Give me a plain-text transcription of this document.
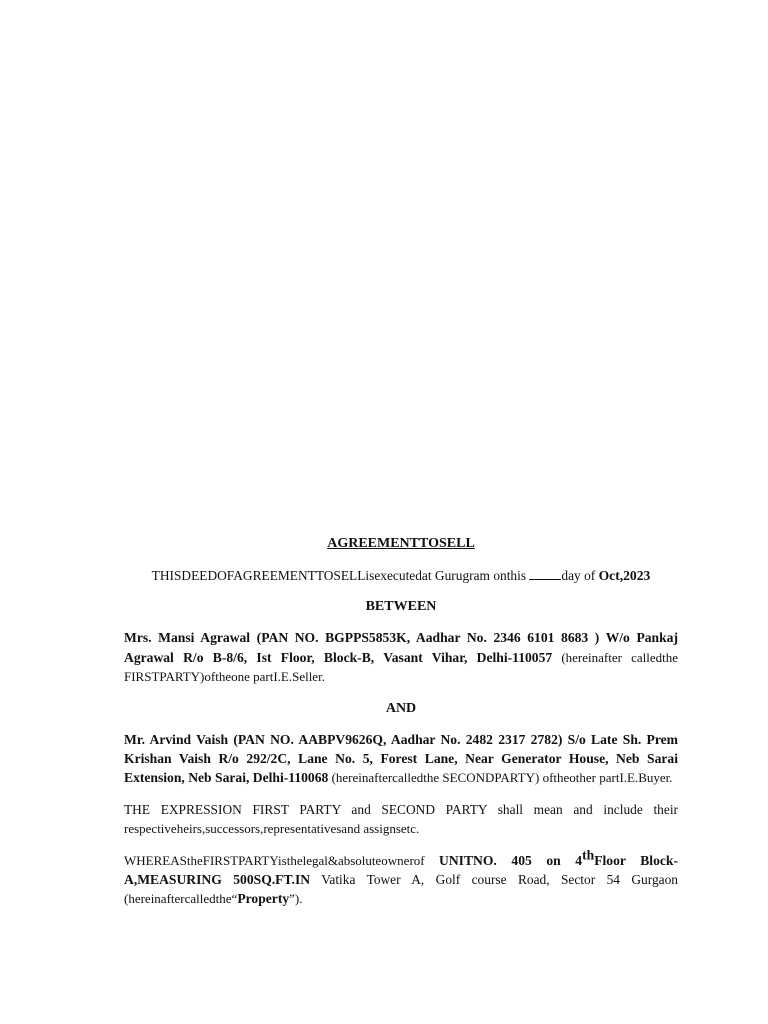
AGREEMENTTOSELL
THISDEEDOFAGREEMENTTOSELLisexecutedat Gurugram onthis day of Oct,2023
BETWEEN
Mrs. Mansi Agrawal (PAN NO. BGPPS5853K, Aadhar No. 2346 6101 8683 ) W/o Pankaj Agrawal R/o B-8/6, Ist Floor, Block-B, Vasant Vihar, Delhi-110057 (hereinafter calledthe FIRSTPARTY)oftheone partI.E.Seller.
AND
Mr. Arvind Vaish (PAN NO. AABPV9626Q, Aadhar No. 2482 2317 2782) S/o Late Sh. Prem Krishan Vaish R/o 292/2C, Lane No. 5, Forest Lane, Near Generator House, Neb Sarai Extension, Neb Sarai, Delhi-110068 (hereinaftercalledthe SECONDPARTY) oftheother partI.E.Buyer.
THE EXPRESSION FIRST PARTY and SECOND PARTY shall mean and include their respectiveheirs,successors,representativesand assignsetc.
WHEREAStheFIRSTPARTYisthelegal&absoluteownerof UNITNO. 405 on 4thFloor Block-A,MEASURING 500SQ.FT.IN Vatika Tower A, Golf course Road, Sector 54 Gurgaon (hereinaftercalledthe“Property”).
